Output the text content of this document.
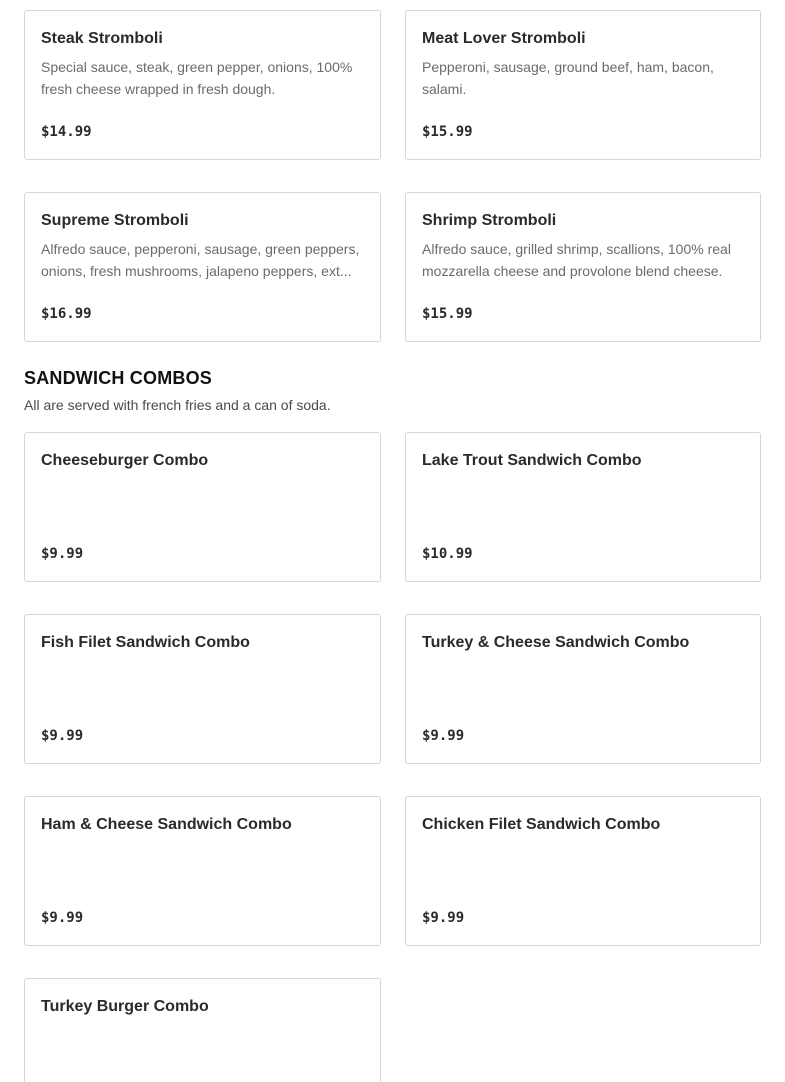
Steak Stromboli
Special sauce, steak, green pepper, onions, 100% fresh cheese wrapped in fresh dough.
$14.99
Meat Lover Stromboli
Pepperoni, sausage, ground beef, ham, bacon, salami.
$15.99
Supreme Stromboli
Alfredo sauce, pepperoni, sausage, green peppers, onions, fresh mushrooms, jalapeno peppers, ext...
$16.99
Shrimp Stromboli
Alfredo sauce, grilled shrimp, scallions, 100% real mozzarella cheese and provolone blend cheese.
$15.99
SANDWICH COMBOS

All are served with french fries and a can of soda.

Cheeseburger Combo
$9.99
Lake Trout Sandwich Combo
$10.99
Fish Filet Sandwich Combo
$9.99
Turkey & Cheese Sandwich Combo
$9.99
Ham & Cheese Sandwich Combo
$9.99
Chicken Filet Sandwich Combo
$9.99
Turkey Burger Combo
